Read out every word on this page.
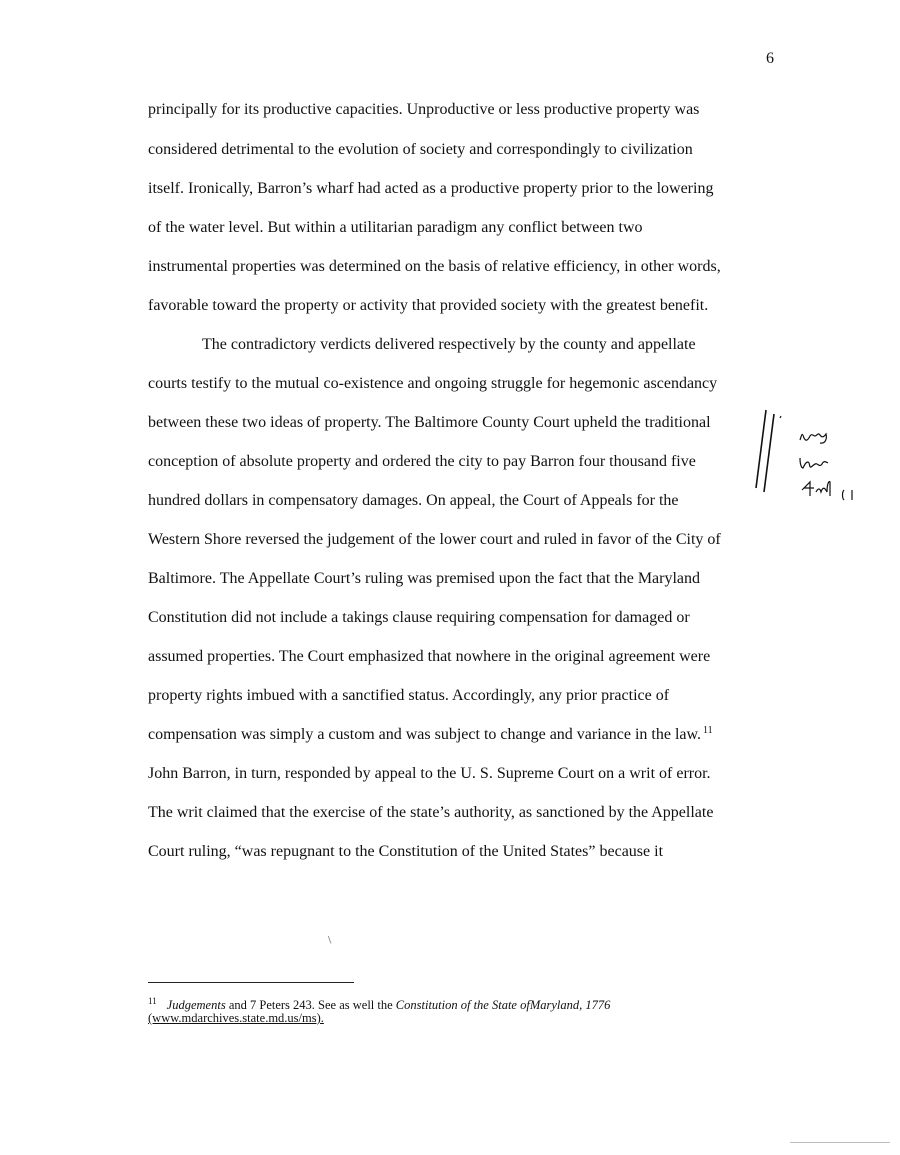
6
principally for its productive capacities. Unproductive or less productive property was
considered detrimental to the evolution of society and correspondingly to civilization
itself. Ironically, Barron’s wharf had acted as a productive property prior to the lowering
of the water level. But within a utilitarian paradigm any conflict between two
instrumental properties was determined on the basis of relative efficiency, in other words,
favorable toward the property or activity that provided society with the greatest benefit.
The contradictory verdicts delivered respectively by the county and appellate
courts testify to the mutual co-existence and ongoing struggle for hegemonic ascendancy
between these two ideas of property. The Baltimore County Court upheld the traditional
conception of absolute property and ordered the city to pay Barron four thousand five
hundred dollars in compensatory damages. On appeal, the Court of Appeals for the
Western Shore reversed the judgement of the lower court and ruled in favor of the City of
Baltimore. The Appellate Court’s ruling was premised upon the fact that the Maryland
Constitution did not include a takings clause requiring compensation for damaged or
assumed properties. The Court emphasized that nowhere in the original agreement were
property rights imbued with a sanctified status. Accordingly, any prior practice of
compensation was simply a custom and was subject to change and variance in the law. $^{11}$
John Barron, in turn, responded by appeal to the U. S. Supreme Court on a writ of error.
The writ claimed that the exercise of the state’s authority, as sanctioned by the Appellate
Court ruling, “was repugnant to the Constitution of the United States” because it
$^{11}$ Judgements and 7 Peters 243. See as well the Constitution of the State ofMaryland, 1776
(www.mdarchives.state.md.us/ms).
